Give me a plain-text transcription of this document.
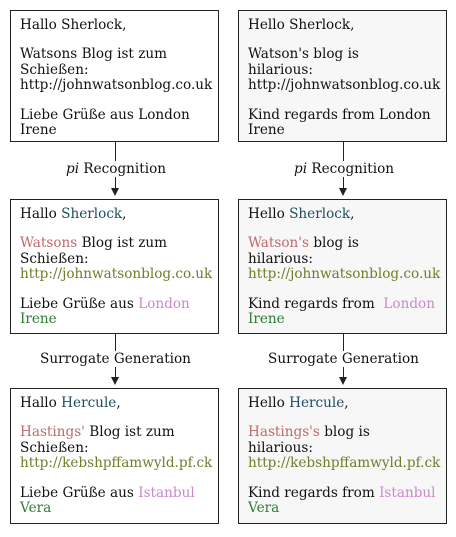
Hallo Sherlock,

Watsons Blog ist zum
Schießen:
http://johnwatsonblog.co.uk

Liebe Grüße aus London
Irene

Hello Sherlock,

Watson's blog is
hilarious:
http://johnwatsonblog.co.uk

Kind regards from London
Irene

pi Recognition	pi Recognition

Hallo Sherlock,

Watsons Blog ist zum
Schießen:
http://johnwatsonblog.co.uk

Liebe Grüße aus London
Irene

Hello Sherlock,

Watson's blog is
hilarious:
http://johnwatsonblog.co.uk

Kind regards from  London
Irene

Surrogate Generation	Surrogate Generation

Hallo Hercule,

Hastings' Blog ist zum
Schießen:
http://kebshpffamwyld.pf.ck

Liebe Grüße aus Istanbul
Vera

Hello Hercule,

Hastings's blog is
hilarious:
http://kebshpffamwyld.pf.ck

Kind regards from Istanbul
Vera
